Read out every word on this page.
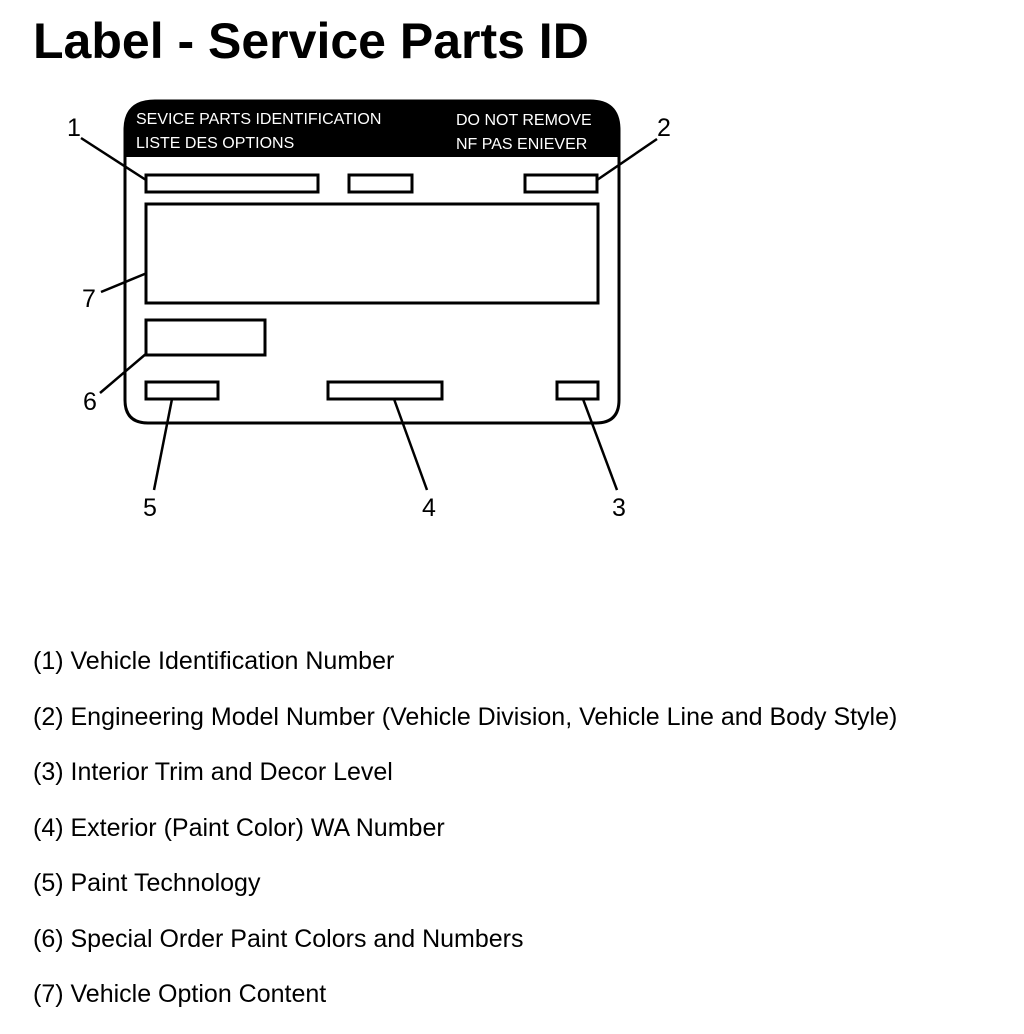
Label - Service Parts ID
SEVICE PARTS IDENTIFICATION
LISTE DES OPTIONS
DO NOT REMOVE
NF PAS ENIEVER
1	2
3
4
5
6
7
(1) Vehicle Identification Number
(2) Engineering Model Number (Vehicle Division, Vehicle Line and Body Style)
(3) Interior Trim and Decor Level
(4) Exterior (Paint Color) WA Number
(5) Paint Technology
(6) Special Order Paint Colors and Numbers
(7) Vehicle Option Content
